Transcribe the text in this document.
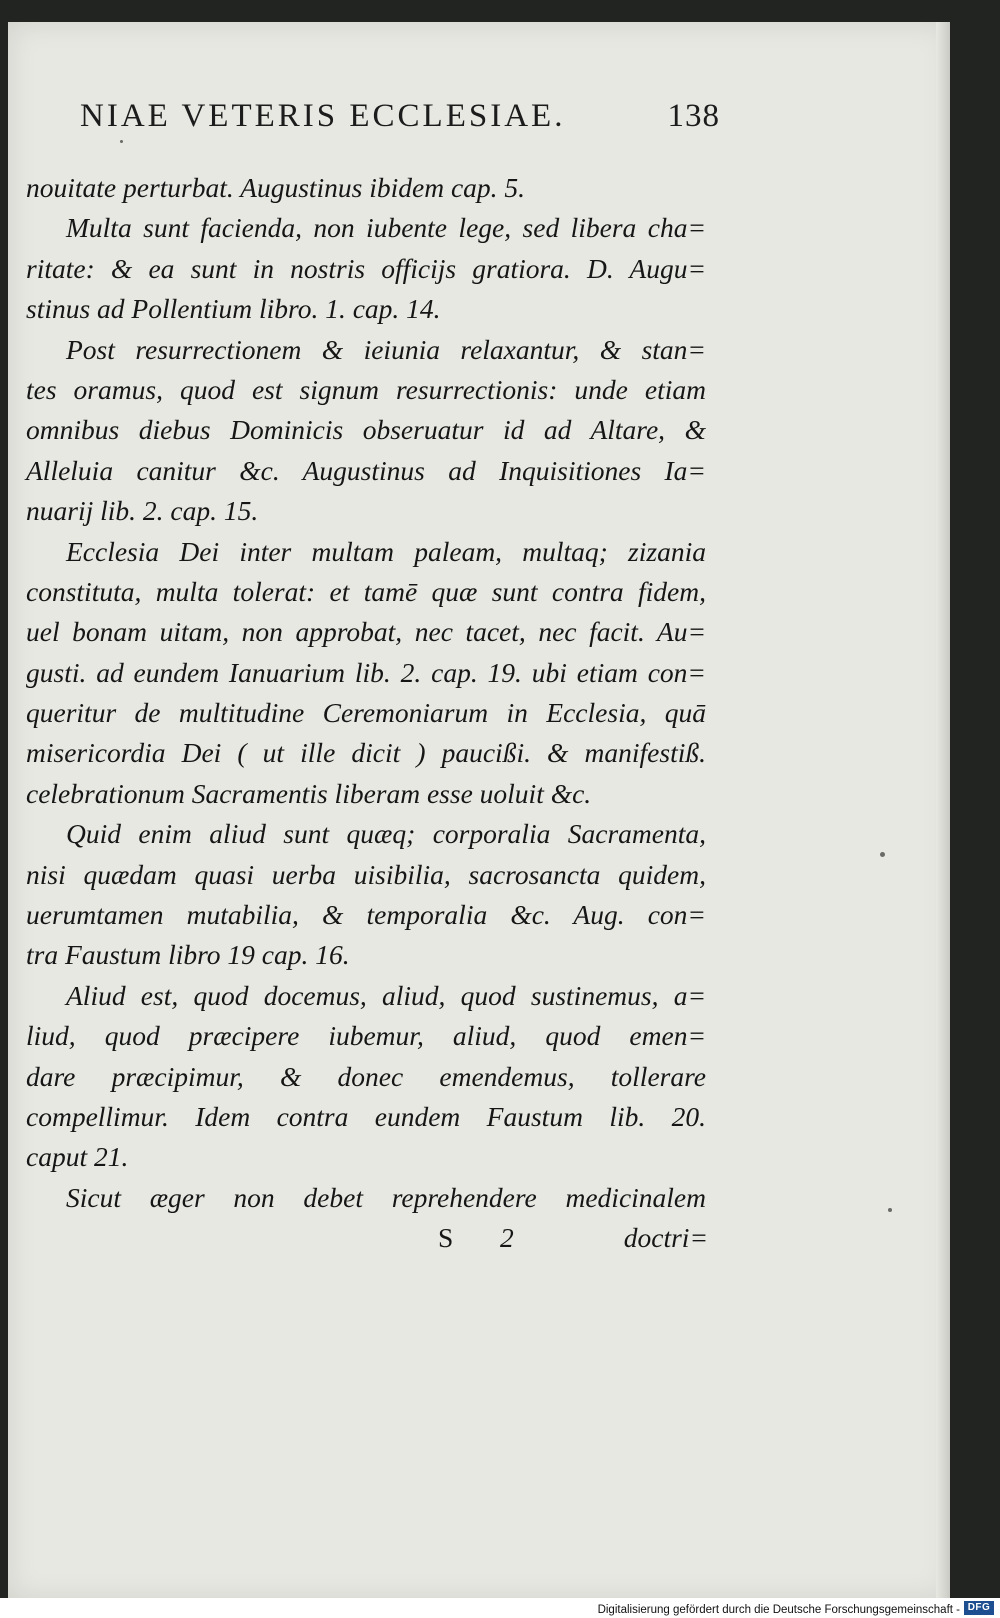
NIAE VETERIS ECCLESIAE.	138
nouitate perturbat. Augustinus ibidem cap. 5.
Multa sunt facienda, non iubente lege, sed libera cha=
ritate: & ea sunt in nostris officijs gratiora. D. Augu=
stinus ad Pollentium libro. 1. cap. 14.
Post resurrectionem & ieiunia relaxantur, & stan=
tes oramus, quod est signum resurrectionis: unde etiam
omnibus diebus Dominicis obseruatur id ad Altare, &
Alleluia canitur &c. Augustinus ad Inquisitiones Ia=
nuarij lib. 2. cap. 15.
Ecclesia Dei inter multam paleam, multaq; zizania
constituta, multa tolerat: et tamē quæ sunt contra fidem,
uel bonam uitam, non approbat, nec tacet, nec facit. Au=
gusti. ad eundem Ianuarium lib. 2. cap. 19. ubi etiam con=
queritur de multitudine Ceremoniarum in Ecclesia, quā
misericordia Dei ( ut ille dicit ) paucißi. & manifestiß.
celebrationum Sacramentis liberam esse uoluit &c.
Quid enim aliud sunt quæq; corporalia Sacramenta,
nisi quædam quasi uerba uisibilia, sacrosancta quidem,
uerumtamen mutabilia, & temporalia &c. Aug. con=
tra Faustum libro 19 cap. 16.
Aliud est, quod docemus, aliud, quod sustinemus, a=
liud, quod præcipere iubemur, aliud, quod emen=
dare præcipimur, & donec emendemus, tollerare
compellimur. Idem contra eundem Faustum lib. 20.
caput 21.
Sicut æger non debet reprehendere medicinalem
S 2	doctri=
Digitalisierung gefördert durch die Deutsche Forschungsgemeinschaft - DFG
